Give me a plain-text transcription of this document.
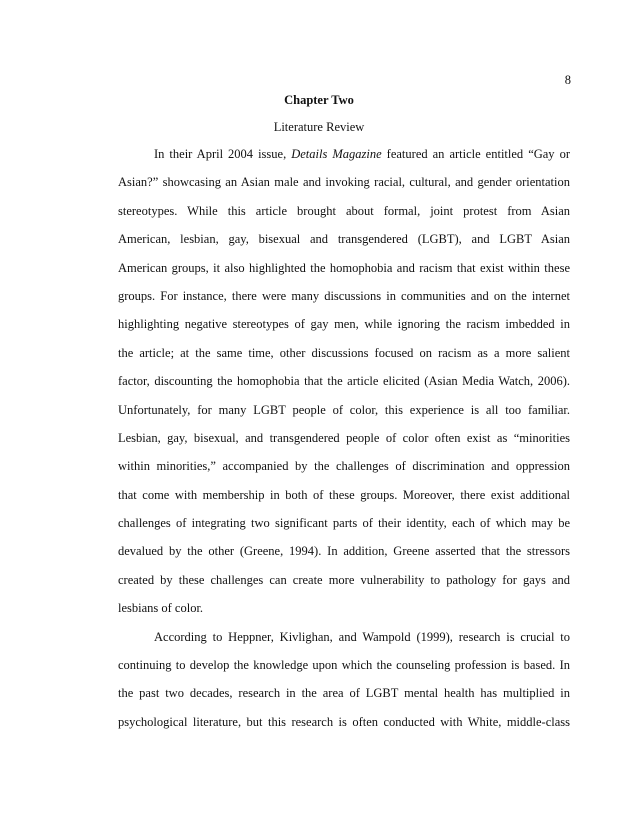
8
Chapter Two
Literature Review
In their April 2004 issue, Details Magazine featured an article entitled “Gay or
Asian?” showcasing an Asian male and invoking racial, cultural, and gender orientation
stereotypes. While this article brought about formal, joint protest from Asian
American, lesbian, gay, bisexual and transgendered (LGBT), and LGBT Asian
American groups, it also highlighted the homophobia and racism that exist within these
groups. For instance, there were many discussions in communities and on the internet
highlighting negative stereotypes of gay men, while ignoring the racism imbedded in
the article; at the same time, other discussions focused on racism as a more salient
factor, discounting the homophobia that the article elicited (Asian Media Watch, 2006).
Unfortunately, for many LGBT people of color, this experience is all too familiar.
Lesbian, gay, bisexual, and transgendered people of color often exist as “minorities
within minorities,” accompanied by the challenges of discrimination and oppression
that come with membership in both of these groups. Moreover, there exist additional
challenges of integrating two significant parts of their identity, each of which may be
devalued by the other (Greene, 1994). In addition, Greene asserted that the stressors
created by these challenges can create more vulnerability to pathology for gays and
lesbians of color.
According to Heppner, Kivlighan, and Wampold (1999), research is crucial to
continuing to develop the knowledge upon which the counseling profession is based. In
the past two decades, research in the area of LGBT mental health has multiplied in
psychological literature, but this research is often conducted with White, middle-class
